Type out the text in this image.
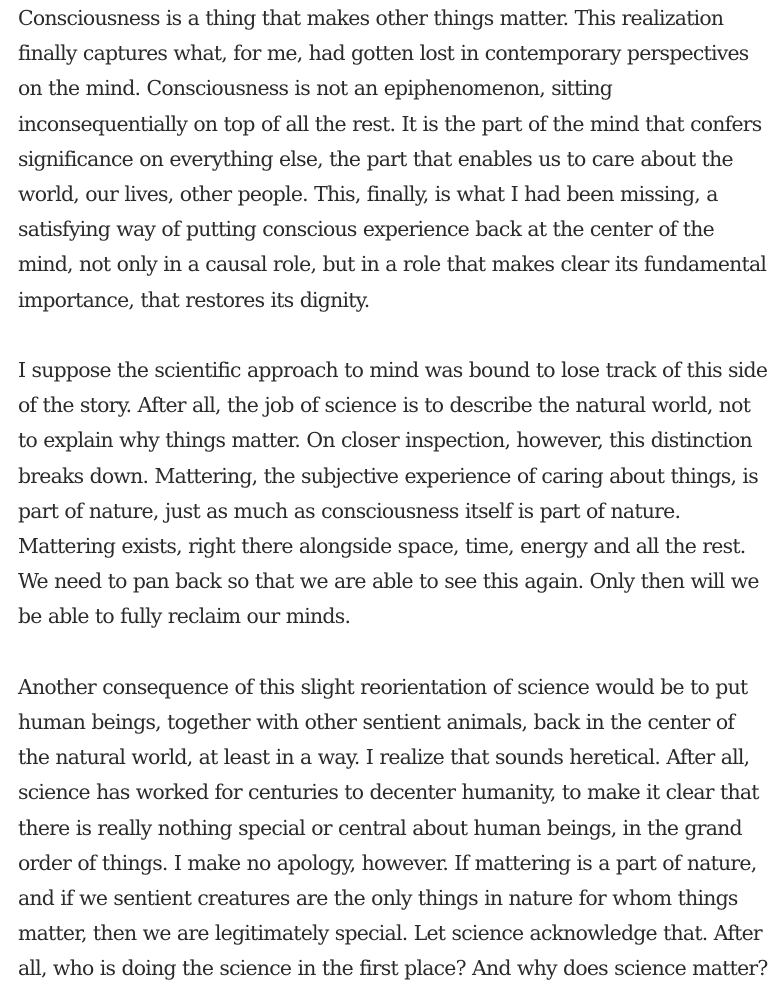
Consciousness is a thing that makes other things matter. This realization finally captures what, for me, had gotten lost in contemporary perspectives on the mind. Consciousness is not an epiphenomenon, sitting inconsequentially on top of all the rest. It is the part of the mind that confers significance on everything else, the part that enables us to care about the world, our lives, other people. This, finally, is what I had been missing, a satisfying way of putting conscious experience back at the center of the mind, not only in a causal role, but in a role that makes clear its fundamental importance, that restores its dignity.

I suppose the scientific approach to mind was bound to lose track of this side of the story. After all, the job of science is to describe the natural world, not to explain why things matter. On closer inspection, however, this distinction breaks down. Mattering, the subjective experience of caring about things, is part of nature, just as much as consciousness itself is part of nature. Mattering exists, right there alongside space, time, energy and all the rest. We need to pan back so that we are able to see this again. Only then will we be able to fully reclaim our minds.

Another consequence of this slight reorientation of science would be to put human beings, together with other sentient animals, back in the center of the natural world, at least in a way. I realize that sounds heretical. After all, science has worked for centuries to decenter humanity, to make it clear that there is really nothing special or central about human beings, in the grand order of things. I make no apology, however. If mattering is a part of nature, and if we sentient creatures are the only things in nature for whom things matter, then we are legitimately special. Let science acknowledge that. After all, who is doing the science in the first place? And why does science matter?
